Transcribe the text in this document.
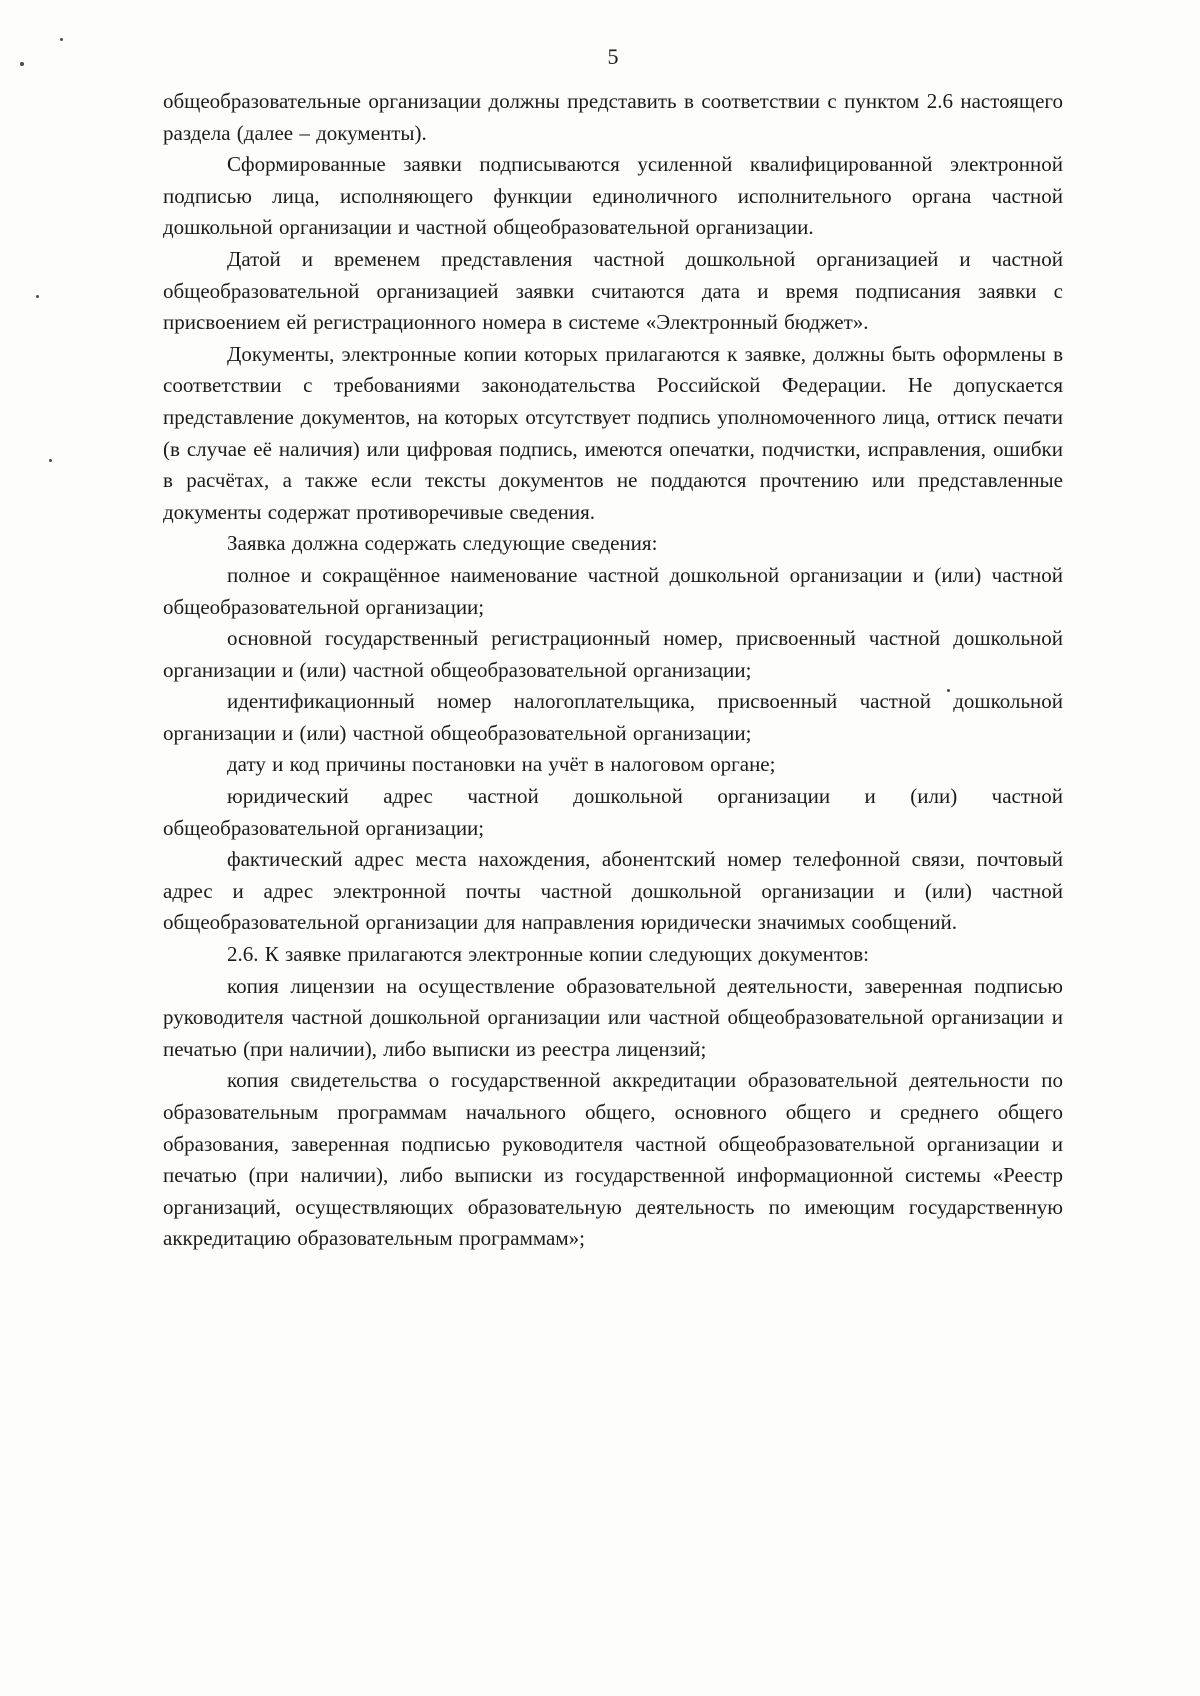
5

общеобразовательные организации должны представить в соответствии с пунктом 2.6 настоящего раздела (далее – документы).

Сформированные заявки подписываются усиленной квалифицированной электронной подписью лица, исполняющего функции единоличного исполнительного органа частной дошкольной организации и частной общеобразовательной организации.

Датой и временем представления частной дошкольной организацией и частной общеобразовательной организацией заявки считаются дата и время подписания заявки с присвоением ей регистрационного номера в системе «Электронный бюджет».

Документы, электронные копии которых прилагаются к заявке, должны быть оформлены в соответствии с требованиями законодательства Российской Федерации. Не допускается представление документов, на которых отсутствует подпись уполномоченного лица, оттиск печати (в случае её наличия) или цифровая подпись, имеются опечатки, подчистки, исправления, ошибки в расчётах, а также если тексты документов не поддаются прочтению или представленные документы содержат противоречивые сведения.

Заявка должна содержать следующие сведения:

полное и сокращённое наименование частной дошкольной организации и (или) частной общеобразовательной организации;

основной государственный регистрационный номер, присвоенный частной дошкольной организации и (или) частной общеобразовательной организации;

идентификационный номер налогоплательщика, присвоенный частной дошкольной организации и (или) частной общеобразовательной организации;

дату и код причины постановки на учёт в налоговом органе;

юридический адрес частной дошкольной организации и (или) частной общеобразовательной организации;

фактический адрес места нахождения, абонентский номер телефонной связи, почтовый адрес и адрес электронной почты частной дошкольной организации и (или) частной общеобразовательной организации для направления юридически значимых сообщений.

2.6. К заявке прилагаются электронные копии следующих документов:

копия лицензии на осуществление образовательной деятельности, заверенная подписью руководителя частной дошкольной организации или частной общеобразовательной организации и печатью (при наличии), либо выписки из реестра лицензий;

копия свидетельства о государственной аккредитации образовательной деятельности по образовательным программам начального общего, основного общего и среднего общего образования, заверенная подписью руководителя частной общеобразовательной организации и печатью (при наличии), либо выписки из государственной информационной системы «Реестр организаций, осуществляющих образовательную деятельность по имеющим государственную аккредитацию образовательным программам»;
